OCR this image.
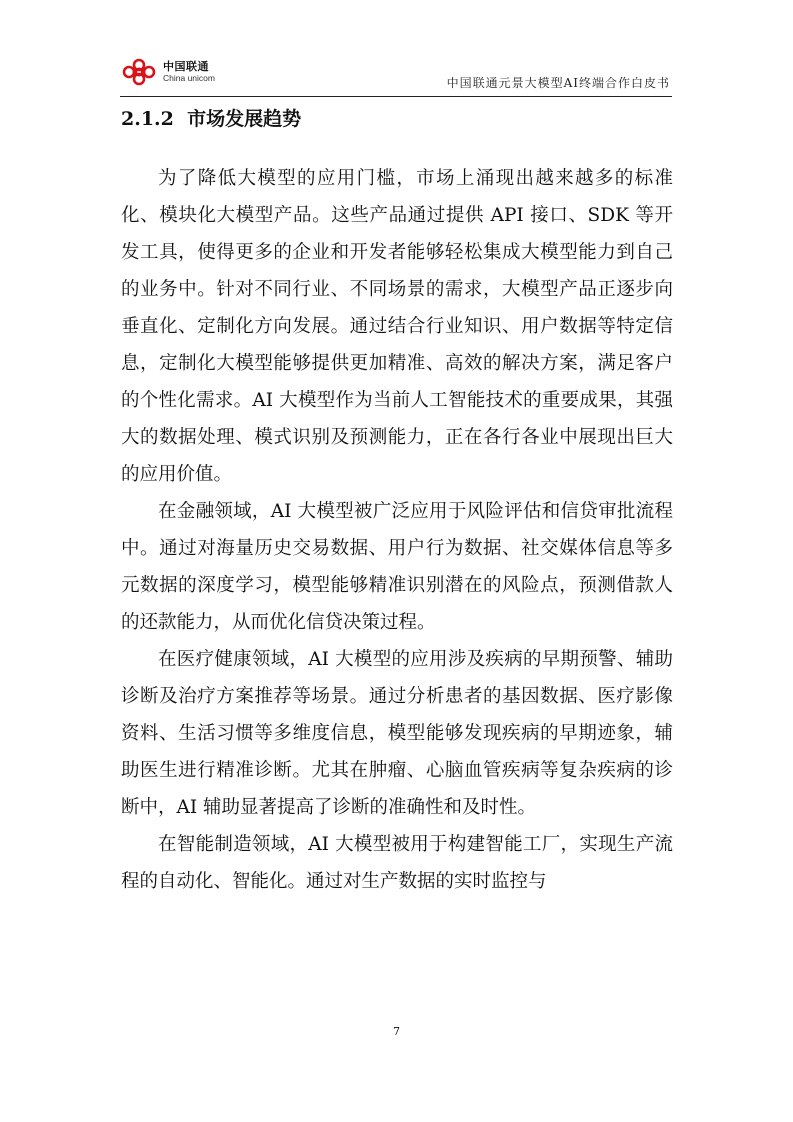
中国联通
China unicom	中国联通元景大模型AI终端合作白皮书
2.1.2 市场发展趋势

为了降低大模型的应用门槛，市场上涌现出越来越多的标准化、模块化大模型产品。这些产品通过提供 API 接口、SDK 等开发工具，使得更多的企业和开发者能够轻松集成大模型能力到自己的业务中。针对不同行业、不同场景的需求，大模型产品正逐步向垂直化、定制化方向发展。通过结合行业知识、用户数据等特定信息，定制化大模型能够提供更加精准、高效的解决方案，满足客户的个性化需求。AI 大模型作为当前人工智能技术的重要成果，其强大的数据处理、模式识别及预测能力，正在各行各业中展现出巨大的应用价值。

在金融领域，AI 大模型被广泛应用于风险评估和信贷审批流程中。通过对海量历史交易数据、用户行为数据、社交媒体信息等多元数据的深度学习，模型能够精准识别潜在的风险点，预测借款人的还款能力，从而优化信贷决策过程。

在医疗健康领域，AI 大模型的应用涉及疾病的早期预警、辅助诊断及治疗方案推荐等场景。通过分析患者的基因数据、医疗影像资料、生活习惯等多维度信息，模型能够发现疾病的早期迹象，辅助医生进行精准诊断。尤其在肿瘤、心脑血管疾病等复杂疾病的诊断中，AI 辅助显著提高了诊断的准确性和及时性。

在智能制造领域，AI 大模型被用于构建智能工厂，实现生产流程的自动化、智能化。通过对生产数据的实时监控与

7
